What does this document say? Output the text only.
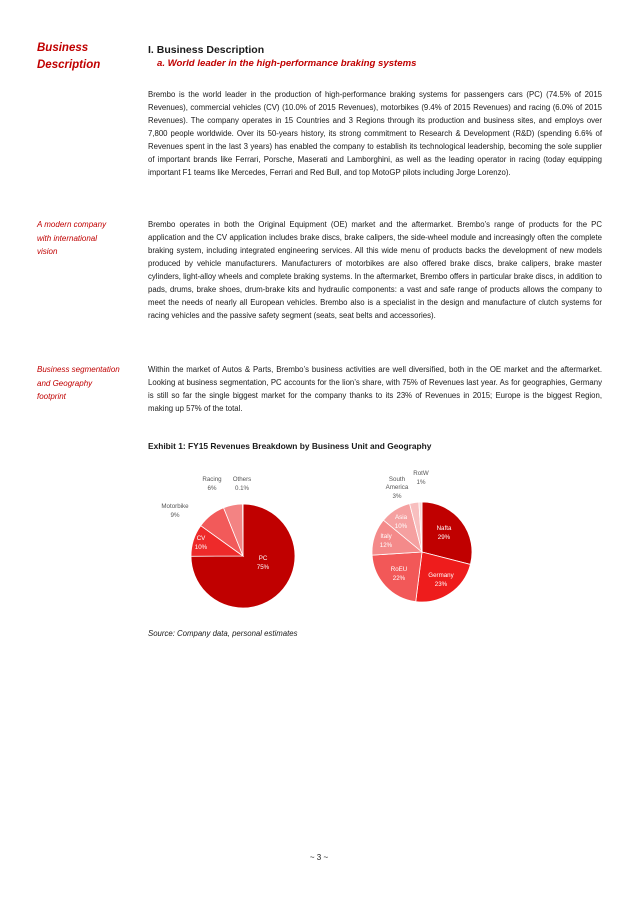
Business
Description
A modern company
with international
vision
Business segmentation
and Geography
footprint
I. Business Description
a. World leader in the high-performance braking systems
Brembo is the world leader in the production of high-performance braking systems for passengers cars (PC) (74.5% of 2015 Revenues), commercial vehicles (CV) (10.0% of 2015 Revenues), motorbikes (9.4% of 2015 Revenues) and racing (6.0% of 2015 Revenues). The company operates in 15 Countries and 3 Regions through its production and business sites, and employs over 7,800 people worldwide. Over its 50-years history, its strong commitment to Research & Development (R&D) (spending 6.6% of Revenues spent in the last 3 years) has enabled the company to establish its technological leadership, becoming the sole supplier of important brands like Ferrari, Porsche, Maserati and Lamborghini, as well as the leading operator in racing (today equipping important F1 teams like Mercedes, Ferrari and Red Bull, and top MotoGP pilots including Jorge Lorenzo).
Brembo operates in both the Original Equipment (OE) market and the aftermarket. Brembo’s range of products for the PC application and the CV application includes brake discs, brake calipers, the side-wheel module and increasingly often the complete braking system, including integrated engineering services. All this wide menu of products backs the development of new models produced by vehicle manufacturers. Manufacturers of motorbikes are also offered brake discs, brake calipers, brake master cylinders, light-alloy wheels and complete braking systems. In the aftermarket, Brembo offers in particular brake discs, in addition to pads, drums, brake shoes, drum-brake kits and hydraulic components: a vast and safe range of products allows the company to meet the needs of nearly all European vehicles. Brembo also is a specialist in the design and manufacture of clutch systems for racing vehicles and the passive safety segment (seats, seat belts and accessories).
Within the market of Autos & Parts, Brembo’s business activities are well diversified, both in the OE market and the aftermarket. Looking at business segmentation, PC accounts for the lion’s share, with 75% of Revenues last year. As for geographies, Germany is still so far the single biggest market for the company thanks to its 23% of Revenues in 2015; Europe is the biggest Region, making up 57% of the total.
Exhibit 1: FY15 Revenues Breakdown by Business Unit and Geography
PC 75%
CV 10%
Motorbike 9%
Racing 6%
Others 0.1%
Nafta 29%
Germany 23%
RoEU 22%
Italy 12%
Asia 10%
South America 3%
RotW 1%
Source: Company data, personal estimates
~ 3 ~
